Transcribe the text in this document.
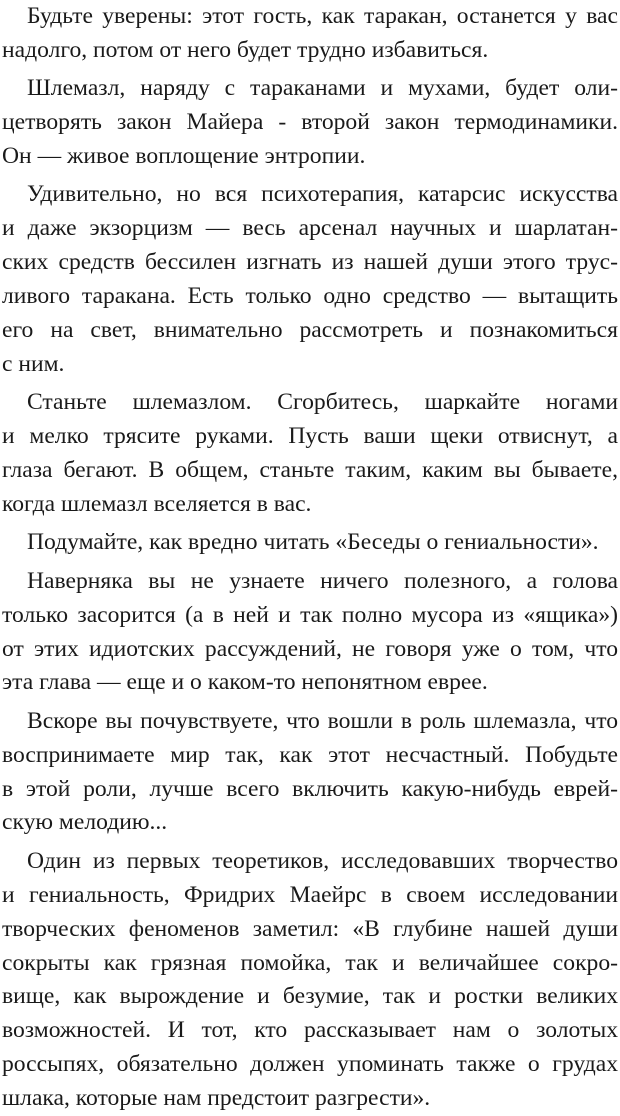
Будьте уверены: этот гость, как таракан, останется у вас
надолго, потом от него будет трудно избавиться.
Шлемазл, наряду с тараканами и мухами, будет оли-
цетворять закон Майера - второй закон термодинамики.
Он — живое воплощение энтропии.
Удивительно, но вся психотерапия, катарсис искусства
и даже экзорцизм — весь арсенал научных и шарлатан-
ских средств бессилен изгнать из нашей души этого трус-
ливого таракана. Есть только одно средство — вытащить
его на свет, внимательно рассмотреть и познакомиться
с ним.
Станьте шлемазлом. Сгорбитесь, шаркайте ногами
и мелко трясите руками. Пусть ваши щеки отвиснут, а
глаза бегают. В общем, станьте таким, каким вы бываете,
когда шлемазл вселяется в вас.
Подумайте, как вредно читать «Беседы о гениальности».
Наверняка вы не узнаете ничего полезного, а голова
только засорится (а в ней и так полно мусора из «ящика»)
от этих идиотских рассуждений, не говоря уже о том, что
эта глава — еще и о каком-то непонятном еврее.
Вскоре вы почувствуете, что вошли в роль шлемазла, что
воспринимаете мир так, как этот несчастный. Побудьте
в этой роли, лучше всего включить какую-нибудь еврей-
скую мелодию...
Один из первых теоретиков, исследовавших творчество
и гениальность, Фридрих Маейрс в своем исследовании
творческих феноменов заметил: «В глубине нашей души
сокрыты как грязная помойка, так и величайшее сокро-
вище, как вырождение и безумие, так и ростки великих
возможностей. И тот, кто рассказывает нам о золотых
россыпях, обязательно должен упоминать также о грудах
шлака, которые нам предстоит разгрести».
